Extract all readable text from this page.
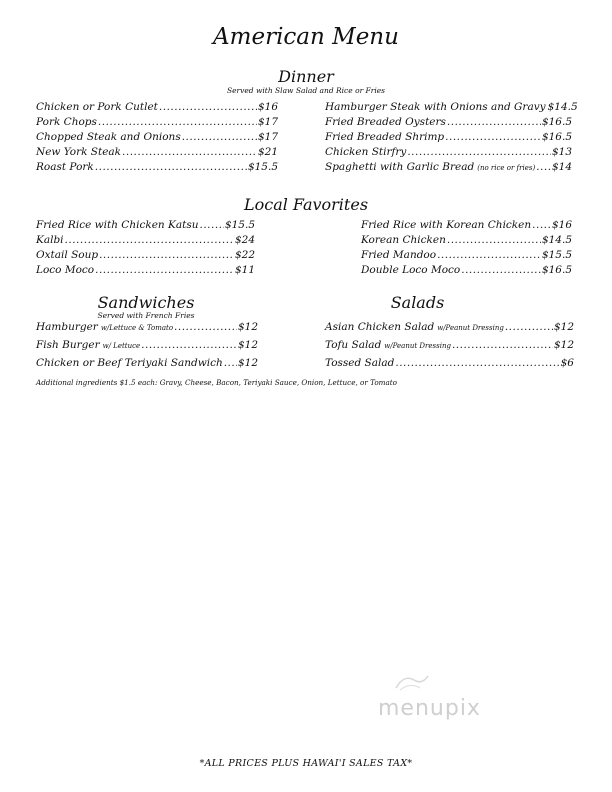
American Menu
Dinner
Served with Slaw Salad and Rice or Fries
Chicken or Pork Cutlet .....	$16
Pork Chops .....	$17
Chopped Steak and Onions .....	$17
New York Steak .....	$21
Roast Pork .....	$15.5
Hamburger Steak with Onions and Gravy $14.5
Fried Breaded Oysters .....	$16.5
Fried Breaded Shrimp .....	$16.5
Chicken Stirfry .....	$13
Spaghetti with Garlic Bread (no rice or fries) ..... $14
Local Favorites
Fried Rice with Chicken Katsu .....	$15.5
Kalbi .....	$24
Oxtail Soup .....	$22
Loco Moco .....	$11
Fried Rice with Korean Chicken ..... $16
Korean Chicken .....	$14.5
Fried Mandoo .....	$15.5
Double Loco Moco .....	$16.5
Sandwiches
Served with French Fries
Hamburger w/Lettuce & Tomato .....	$12
Fish Burger w/ Lettuce .....	$12
Chicken or Beef Teriyaki Sandwich ..... $12
Salads
Asian Chicken Salad w/Peanut Dressing .....	$12
Tofu Salad w/Peanut Dressing .....	$12
Tossed Salad .....	$6
Additional ingredients $1.5 each: Gravy, Cheese, Bacon, Teriyaki Sauce, Onion, Lettuce, or Tomato
menupix
*ALL PRICES PLUS HAWAI'I SALES TAX*
